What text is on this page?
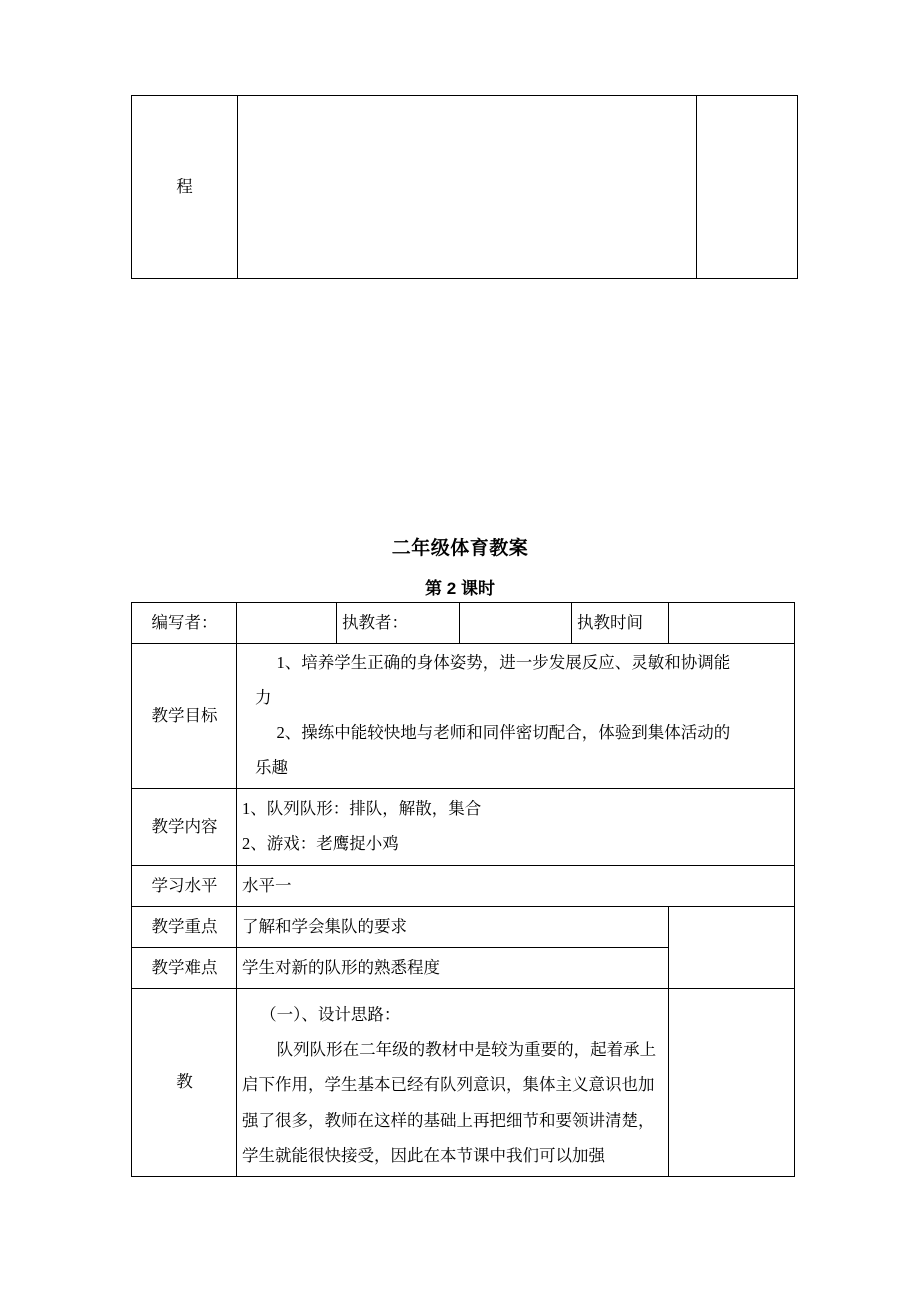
程		
二年级体育教案
第 2 课时
编写者：		执教者：		执教时间	
教学目标	1、培养学生正确的身体姿势，进一步发展反应、灵敏和协调能
力
2、操练中能较快地与老师和同伴密切配合，体验到集体活动的
乐趣				

教学内容	1、队列队形：排队，解散，集合
2、游戏：老鹰捉小鸡				

学习水平	水平一				
教学重点	了解和学会集队的要求				
教学难点	学生对新的队形的熟悉程度				
教	（一）、设计思路：
队列队形在二年级的教材中是较为重要的，起着承上
启下作用，学生基本已经有队列意识，集体主义意识也加
强了很多，教师在这样的基础上再把细节和要领讲清楚，
学生就能很快接受，因此在本节课中我们可以加强				
